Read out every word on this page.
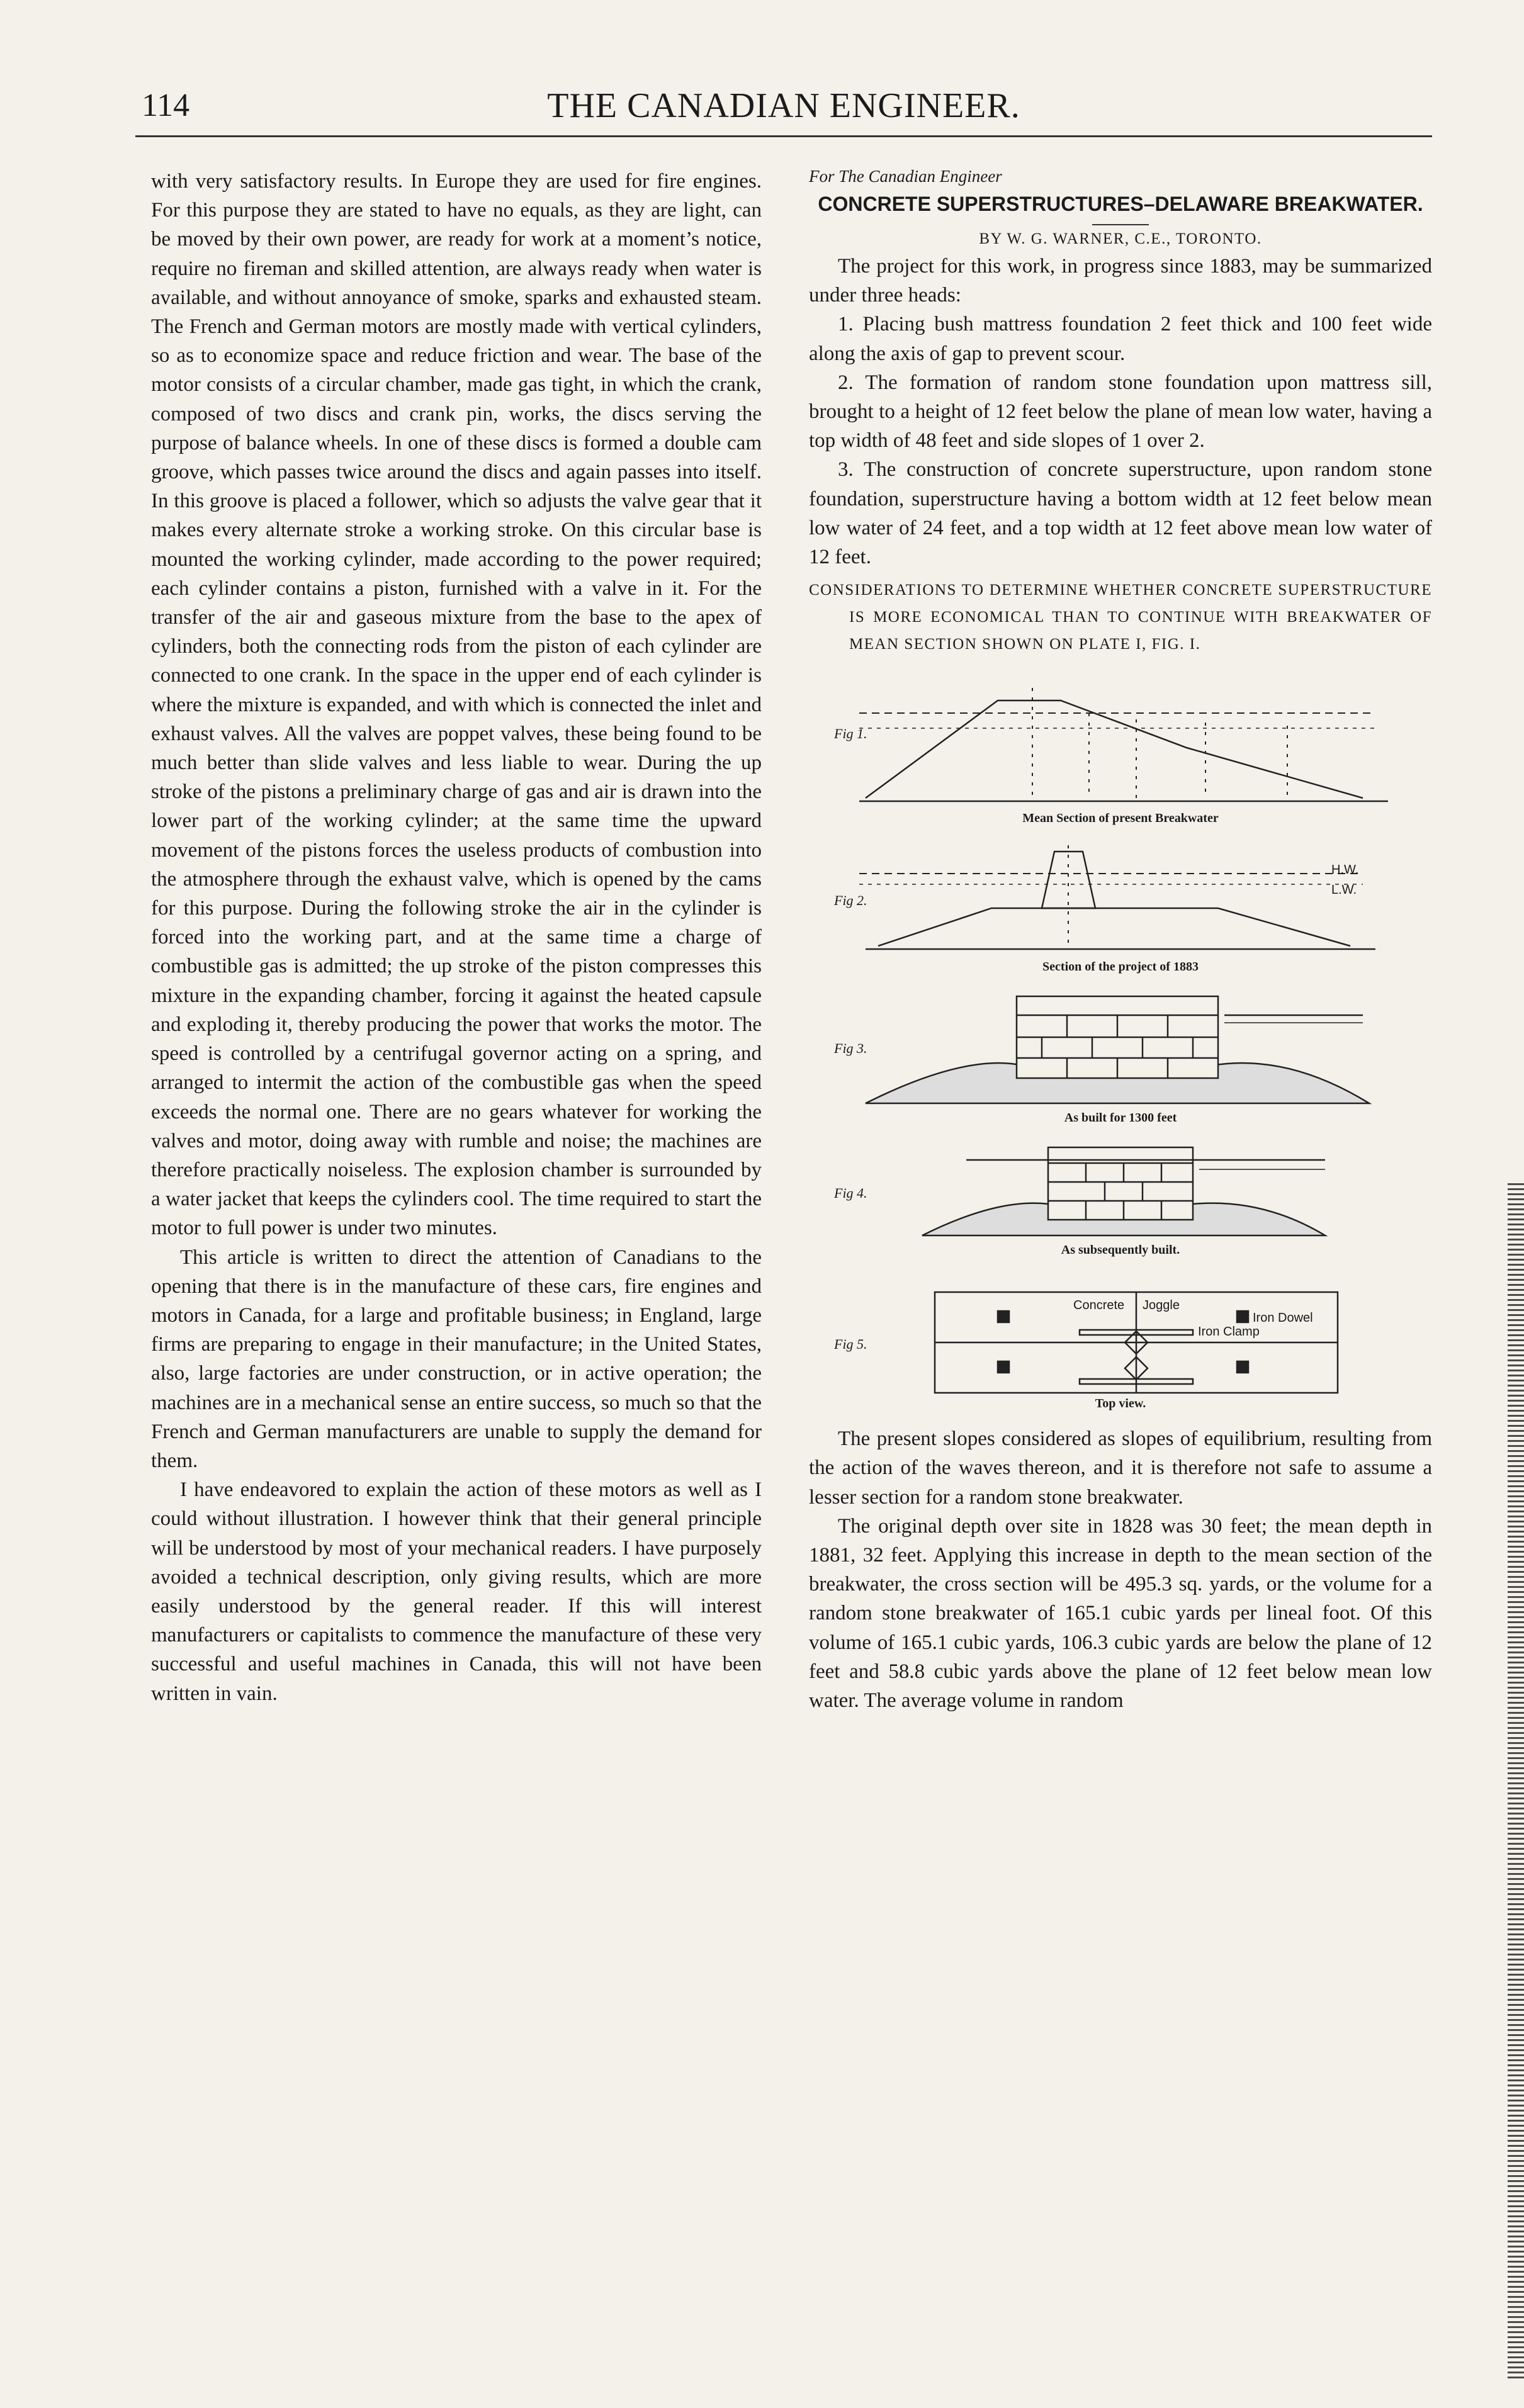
114	THE CANADIAN ENGINEER.

with very satisfactory results. In Europe they are used for fire engines. For this purpose they are stated to have no equals, as they are light, can be moved by their own power, are ready for work at a moment’s notice, require no fireman and skilled attention, are always ready when water is available, and without annoyance of smoke, sparks and exhausted steam. The French and German motors are mostly made with vertical cylinders, so as to economize space and reduce friction and wear. The base of the motor consists of a circular chamber, made gas tight, in which the crank, composed of two discs and crank pin, works, the discs serving the purpose of balance wheels. In one of these discs is formed a double cam groove, which passes twice around the discs and again passes into itself. In this groove is placed a follower, which so adjusts the valve gear that it makes every alternate stroke a working stroke. On this circular base is mounted the working cylinder, made according to the power required; each cylinder contains a piston, furnished with a valve in it. For the transfer of the air and gaseous mixture from the base to the apex of cylinders, both the connecting rods from the piston of each cylinder are connected to one crank. In the space in the upper end of each cylinder is where the mixture is expanded, and with which is connected the inlet and exhaust valves. All the valves are poppet valves, these being found to be much better than slide valves and less liable to wear. During the up stroke of the pistons a preliminary charge of gas and air is drawn into the lower part of the working cylinder; at the same time the upward movement of the pistons forces the useless products of combustion into the atmosphere through the exhaust valve, which is opened by the cams for this purpose. During the following stroke the air in the cylinder is forced into the working part, and at the same time a charge of combustible gas is admitted; the up stroke of the piston compresses this mixture in the expanding chamber, forcing it against the heated capsule and exploding it, thereby producing the power that works the motor. The speed is controlled by a centrifugal governor acting on a spring, and arranged to intermit the action of the combustible gas when the speed exceeds the normal one. There are no gears whatever for working the valves and motor, doing away with rumble and noise; the machines are therefore practically noiseless. The explosion chamber is surrounded by a water jacket that keeps the cylinders cool. The time required to start the motor to full power is under two minutes.

This article is written to direct the attention of Canadians to the opening that there is in the manufacture of these cars, fire engines and motors in Canada, for a large and profitable business; in England, large firms are preparing to engage in their manufacture; in the United States, also, large factories are under construction, or in active operation; the machines are in a mechanical sense an entire success, so much so that the French and German manufacturers are unable to supply the demand for them.

I have endeavored to explain the action of these motors as well as I could without illustration. I however think that their general principle will be understood by most of your mechanical readers. I have purposely avoided a technical description, only giving results, which are more easily understood by the general reader. If this will interest manufacturers or capitalists to commence the manufacture of these very successful and useful machines in Canada, this will not have been written in vain.

For The Canadian Engineer
CONCRETE SUPERSTRUCTURES–DELAWARE BREAKWATER.
BY W. G. WARNER, C.E., TORONTO.

The project for this work, in progress since 1883, may be summarized under three heads:

1. Placing bush mattress foundation 2 feet thick and 100 feet wide along the axis of gap to prevent scour.

2. The formation of random stone foundation upon mattress sill, brought to a height of 12 feet below the plane of mean low water, having a top width of 48 feet and side slopes of 1 over 2.

3. The construction of concrete superstructure, upon random stone foundation, superstructure having a bottom width at 12 feet below mean low water of 24 feet, and a top width at 12 feet above mean low water of 12 feet.

CONSIDERATIONS TO DETERMINE WHETHER CONCRETE SUPERSTRUCTURE IS MORE ECONOMICAL THAN TO CONTINUE WITH BREAKWATER OF MEAN SECTION SHOWN ON PLATE I, FIG. I.
Fig 1.
Mean Section of present Breakwater
Fig 2.
Section of the project of 1883
Fig 3.
As built for 1300 feet
Fig 4.
As subsequently built.
Fig 5.
Top view.
Concrete Joggle
Iron Dowel
Iron Clamp
H.W.
L.W.

The present slopes considered as slopes of equilibrium, resulting from the action of the waves thereon, and it is therefore not safe to assume a lesser section for a random stone breakwater.

The original depth over site in 1828 was 30 feet; the mean depth in 1881, 32 feet. Applying this increase in depth to the mean section of the breakwater, the cross section will be 495.3 sq. yards, or the volume for a random stone breakwater of 165.1 cubic yards per lineal foot. Of this volume of 165.1 cubic yards, 106.3 cubic yards are below the plane of 12 feet and 58.8 cubic yards above the plane of 12 feet below mean low water. The average volume in random
